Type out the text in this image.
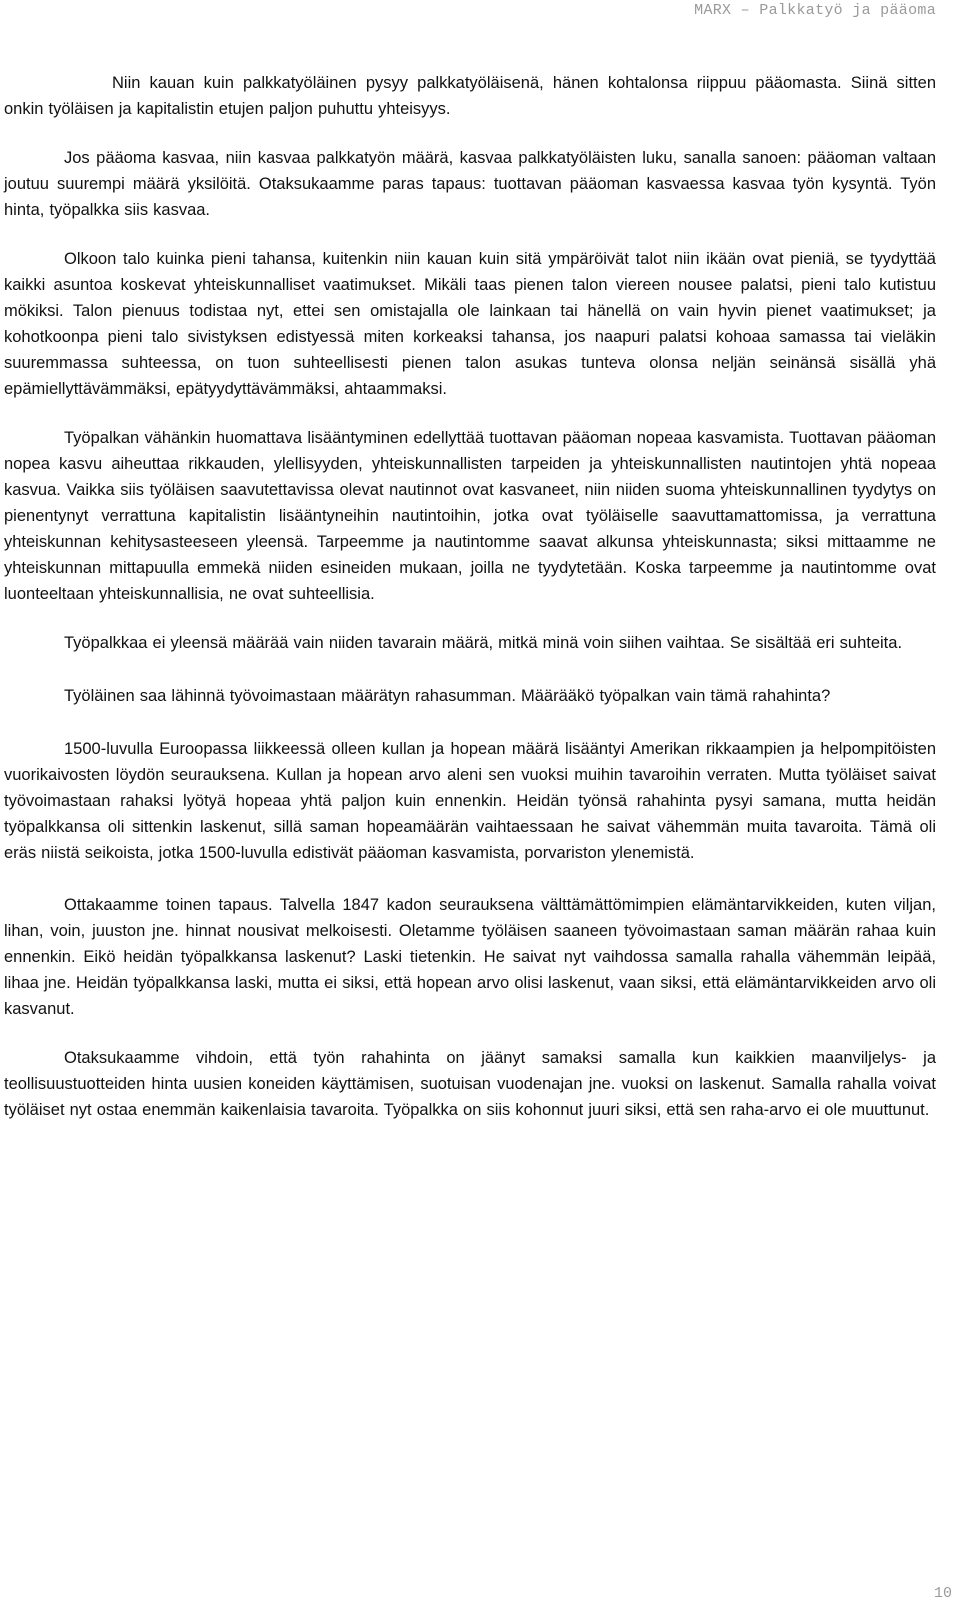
MARX – Palkkatyö ja pääoma

Niin kauan kuin palkkatyöläinen pysyy palkkatyöläisenä, hänen kohtalonsa riippuu pääomasta. Siinä sitten onkin työläisen ja kapitalistin etujen paljon puhuttu yhteisyys.

Jos pääoma kasvaa, niin kasvaa palkkatyön määrä, kasvaa palkkatyöläisten luku, sanalla sanoen: pääoman valtaan joutuu suurempi määrä yksilöitä. Otaksukaamme paras tapaus: tuottavan pääoman kasvaessa kasvaa työn kysyntä. Työn hinta, työpalkka siis kasvaa.

Olkoon talo kuinka pieni tahansa, kuitenkin niin kauan kuin sitä ympäröivät talot niin ikään ovat pieniä, se tyydyttää kaikki asuntoa koskevat yhteiskunnalliset vaatimukset. Mikäli taas pienen talon viereen nousee palatsi, pieni talo kutistuu mökiksi. Talon pienuus todistaa nyt, ettei sen omistajalla ole lainkaan tai hänellä on vain hyvin pienet vaatimukset; ja kohotkoonpa pieni talo sivistyksen edistyessä miten korkeaksi tahansa, jos naapuri palatsi kohoaa samassa tai vieläkin suuremmassa suhteessa, on tuon suhteellisesti pienen talon asukas tunteva olonsa neljän seinänsä sisällä yhä epämiellyttävämmäksi, epätyydyttävämmäksi, ahtaammaksi.

Työpalkan vähänkin huomattava lisääntyminen edellyttää tuottavan pääoman nopeaa kasvamista. Tuottavan pääoman nopea kasvu aiheuttaa rikkauden, ylellisyyden, yhteiskunnallisten tarpeiden ja yhteiskunnallisten nautintojen yhtä nopeaa kasvua. Vaikka siis työläisen saavutettavissa olevat nautinnot ovat kasvaneet, niin niiden suoma yhteiskunnallinen tyydytys on pienentynyt verrattuna kapitalistin lisääntyneihin nautintoihin, jotka ovat työläiselle saavuttamattomissa, ja verrattuna yhteiskunnan kehitysasteeseen yleensä. Tarpeemme ja nautintomme saavat alkunsa yhteiskunnasta; siksi mittaamme ne yhteiskunnan mittapuulla emmekä niiden esineiden mukaan, joilla ne tyydytetään. Koska tarpeemme ja nautintomme ovat luonteeltaan yhteiskunnallisia, ne ovat suhteellisia.

Työpalkkaa ei yleensä määrää vain niiden tavarain määrä, mitkä minä voin siihen vaihtaa. Se sisältää eri suhteita.

Työläinen saa lähinnä työvoimastaan määrätyn rahasumman. Määrääkö työpalkan vain tämä rahahinta?

1500-luvulla Euroopassa liikkeessä olleen kullan ja hopean määrä lisääntyi Amerikan rikkaampien ja helpompitöisten vuorikaivosten löydön seurauksena. Kullan ja hopean arvo aleni sen vuoksi muihin tavaroihin verraten. Mutta työläiset saivat työvoimastaan rahaksi lyötyä hopeaa yhtä paljon kuin ennenkin. Heidän työnsä rahahinta pysyi samana, mutta heidän työpalkkansa oli sittenkin laskenut, sillä saman hopeamäärän vaihtaessaan he saivat vähemmän muita tavaroita. Tämä oli eräs niistä seikoista, jotka 1500-luvulla edistivät pääoman kasvamista, porvariston ylenemistä.

Ottakaamme toinen tapaus. Talvella 1847 kadon seurauksena välttämättömimpien elämäntarvikkeiden, kuten viljan, lihan, voin, juuston jne. hinnat nousivat melkoisesti. Oletamme työläisen saaneen työvoimastaan saman määrän rahaa kuin ennenkin. Eikö heidän työpalkkansa laskenut? Laski tietenkin. He saivat nyt vaihdossa samalla rahalla vähemmän leipää, lihaa jne. Heidän työpalkkansa laski, mutta ei siksi, että hopean arvo olisi laskenut, vaan siksi, että elämäntarvikkeiden arvo oli kasvanut.

Otaksukaamme vihdoin, että työn rahahinta on jäänyt samaksi samalla kun kaikkien maanviljelys- ja teollisuustuotteiden hinta uusien koneiden käyttämisen, suotuisan vuodenajan jne. vuoksi on laskenut. Samalla rahalla voivat työläiset nyt ostaa enemmän kaikenlaisia tavaroita. Työpalkka on siis kohonnut juuri siksi, että sen raha-arvo ei ole muuttunut.

10
